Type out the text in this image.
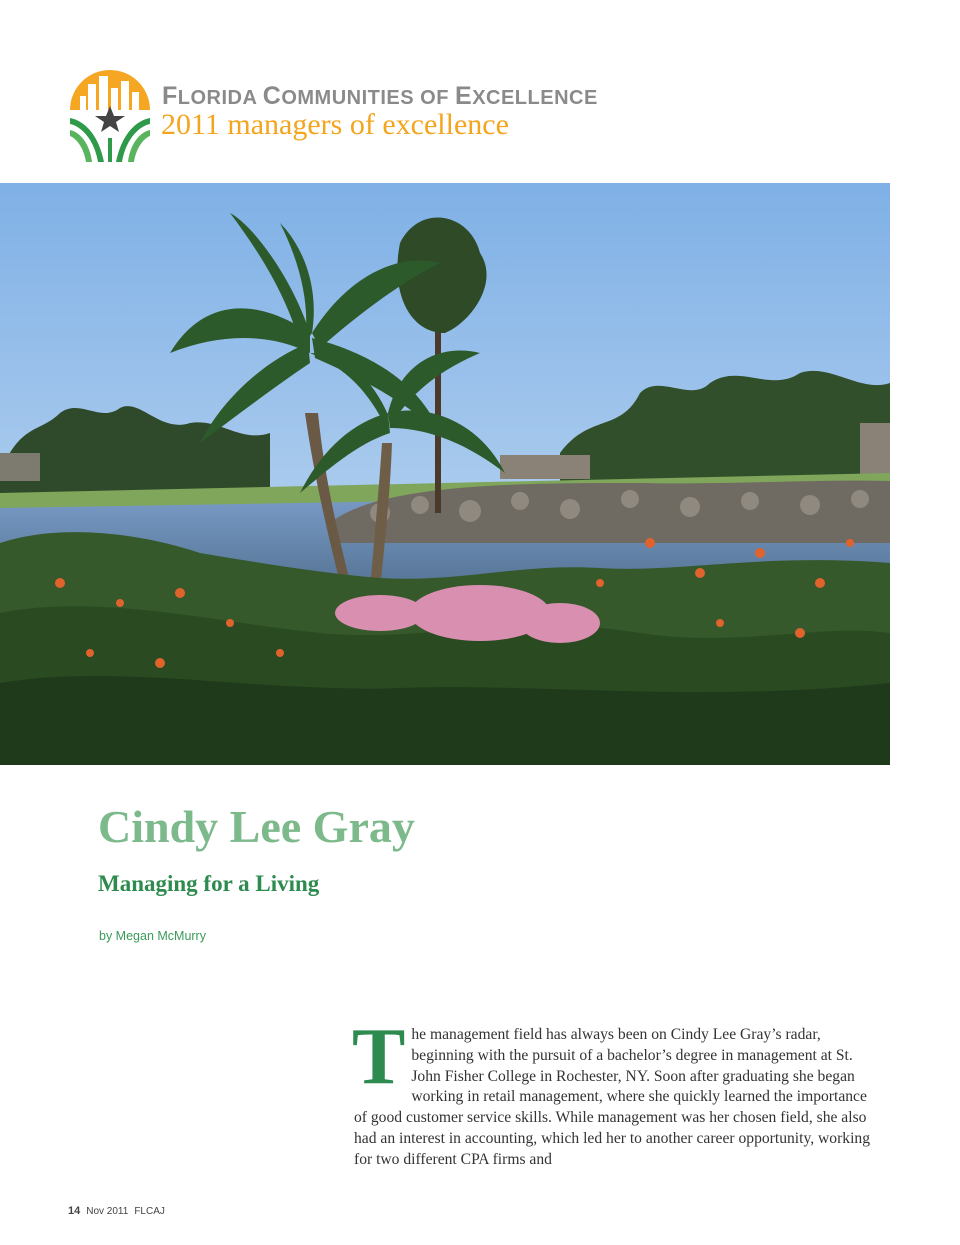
FLORIDA COMMUNITIES OF EXCELLENCE
2011 managers of excellence
Cindy Lee Gray
Managing for a Living
by Megan McMurry

The management field has always been on Cindy Lee Gray’s radar, beginning with the pursuit of a bachelor’s degree in management at St. John Fisher College in Rochester, NY. Soon after graduating she began working in retail management, where she quickly learned the importance of good customer service skills. While management was her chosen field, she also had an interest in accounting, which led her to another career opportunity, working for two different CPA firms and

14 Nov 2011 FLCAJ
